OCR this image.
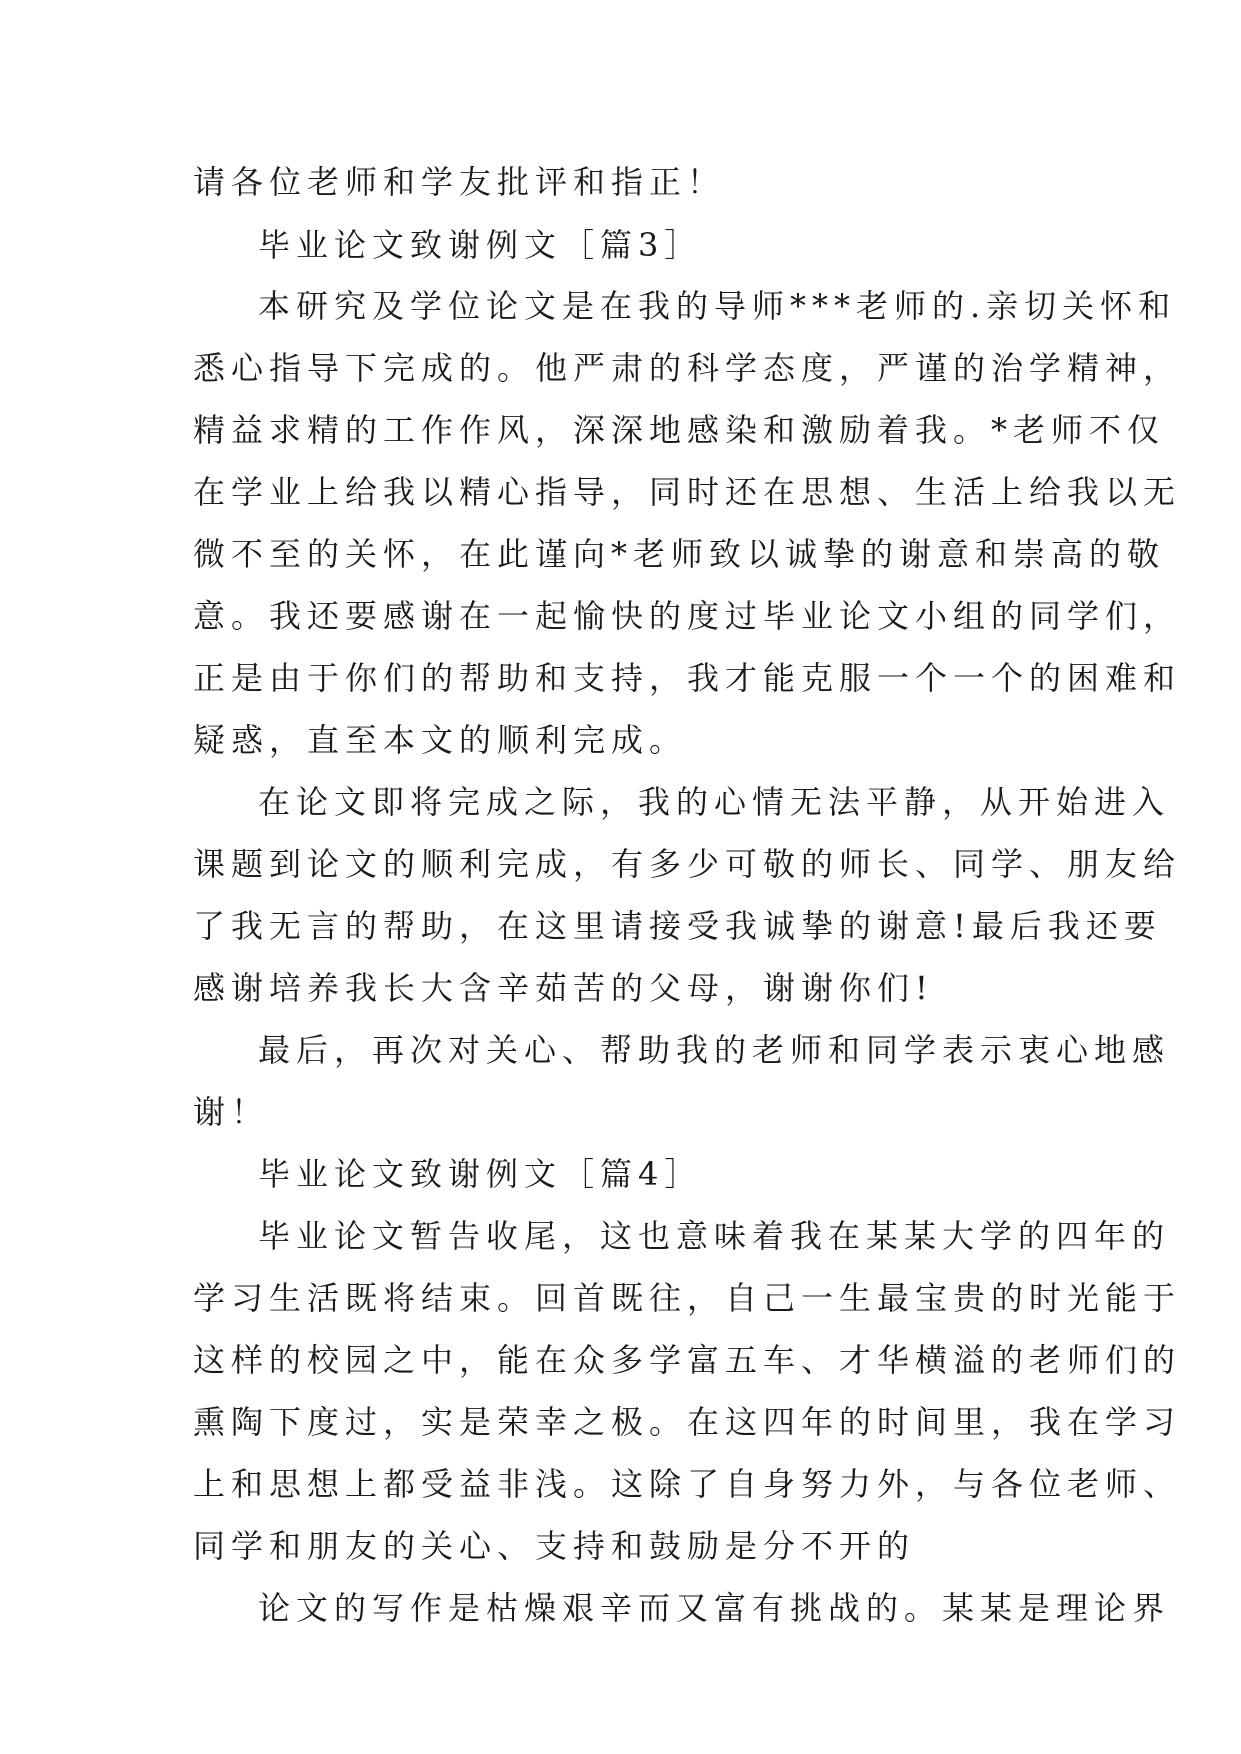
请各位老师和学友批评和指正！

毕业论文致谢例文［篇3］

本研究及学位论文是在我的导师***老师的.亲切关怀和

悉心指导下完成的。他严肃的科学态度，严谨的治学精神，

精益求精的工作作风，深深地感染和激励着我。*老师不仅

在学业上给我以精心指导，同时还在思想、生活上给我以无

微不至的关怀，在此谨向*老师致以诚挚的谢意和崇高的敬

意。我还要感谢在一起愉快的度过毕业论文小组的同学们，

正是由于你们的帮助和支持，我才能克服一个一个的困难和

疑惑，直至本文的顺利完成。

在论文即将完成之际，我的心情无法平静，从开始进入

课题到论文的顺利完成，有多少可敬的师长、同学、朋友给

了我无言的帮助，在这里请接受我诚挚的谢意!最后我还要

感谢培养我长大含辛茹苦的父母，谢谢你们!

最后，再次对关心、帮助我的老师和同学表示衷心地感

谢！

毕业论文致谢例文［篇4］

毕业论文暂告收尾，这也意味着我在某某大学的四年的

学习生活既将结束。回首既往，自己一生最宝贵的时光能于

这样的校园之中，能在众多学富五车、才华横溢的老师们的

熏陶下度过，实是荣幸之极。在这四年的时间里，我在学习

上和思想上都受益非浅。这除了自身努力外，与各位老师、

同学和朋友的关心、支持和鼓励是分不开的

论文的写作是枯燥艰辛而又富有挑战的。某某是理论界
